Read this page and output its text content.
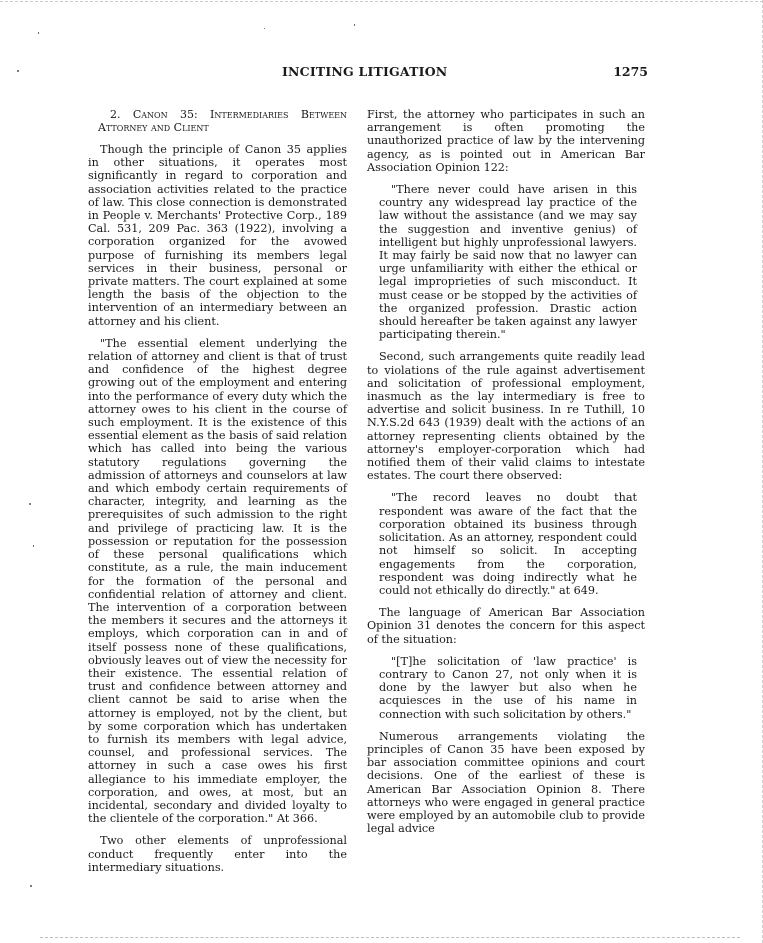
INCITING LITIGATION	1275

2. Canon 35: Intermediaries Between Attorney and Client

Though the principle of Canon 35 applies in other situations, it operates most significantly in regard to corporation and association activities related to the practice of law. This close connection is demonstrated in People v. Merchants' Protective Corp., 189 Cal. 531, 209 Pac. 363 (1922), involving a corporation organized for the avowed purpose of furnishing its members legal services in their business, personal or private matters. The court explained at some length the basis of the objection to the intervention of an intermediary between an attorney and his client.

"The essential element underlying the relation of attorney and client is that of trust and confidence of the highest degree growing out of the employment and entering into the performance of every duty which the attorney owes to his client in the course of such employment. It is the existence of this essential element as the basis of said relation which has called into being the various statutory regulations governing the admission of attorneys and counselors at law and which embody certain requirements of character, integrity, and learning as the prerequisites of such admission to the right and privilege of practicing law. It is the possession or reputation for the possession of these personal qualifications which constitute, as a rule, the main inducement for the formation of the personal and confidential relation of attorney and client. The intervention of a corporation between the members it secures and the attorneys it employs, which corporation can in and of itself possess none of these qualifications, obviously leaves out of view the necessity for their existence. The essential relation of trust and confidence between attorney and client cannot be said to arise when the attorney is employed, not by the client, but by some corporation which has undertaken to furnish its members with legal advice, counsel, and professional services. The attorney in such a case owes his first allegiance to his immediate employer, the corporation, and owes, at most, but an incidental, secondary and divided loyalty to the clientele of the corporation." At 366.

Two other elements of unprofessional conduct frequently enter into the intermediary situations.

First, the attorney who participates in such an arrangement is often promoting the unauthorized practice of law by the intervening agency, as is pointed out in American Bar Association Opinion 122:

"There never could have arisen in this country any widespread lay practice of the law without the assistance (and we may say the suggestion and inventive genius) of intelligent but highly unprofessional lawyers. It may fairly be said now that no lawyer can urge unfamiliarity with either the ethical or legal improprieties of such misconduct. It must cease or be stopped by the activities of the organized profession. Drastic action should hereafter be taken against any lawyer participating therein."

Second, such arrangements quite readily lead to violations of the rule against advertisement and solicitation of professional employment, inasmuch as the lay intermediary is free to advertise and solicit business. In re Tuthill, 10 N.Y.S.2d 643 (1939) dealt with the actions of an attorney representing clients obtained by the attorney's employer-corporation which had notified them of their valid claims to intestate estates. The court there observed:

"The record leaves no doubt that respondent was aware of the fact that the corporation obtained its business through solicitation. As an attorney, respondent could not himself so solicit. In accepting engagements from the corporation, respondent was doing indirectly what he could not ethically do directly." at 649.

The language of American Bar Association Opinion 31 denotes the concern for this aspect of the situation:

"[T]he solicitation of 'law practice' is contrary to Canon 27, not only when it is done by the lawyer but also when he acquiesces in the use of his name in connection with such solicitation by others."

Numerous arrangements violating the principles of Canon 35 have been exposed by bar association committee opinions and court decisions. One of the earliest of these is American Bar Association Opinion 8. There attorneys who were engaged in general practice were employed by an automobile club to provide legal advice
